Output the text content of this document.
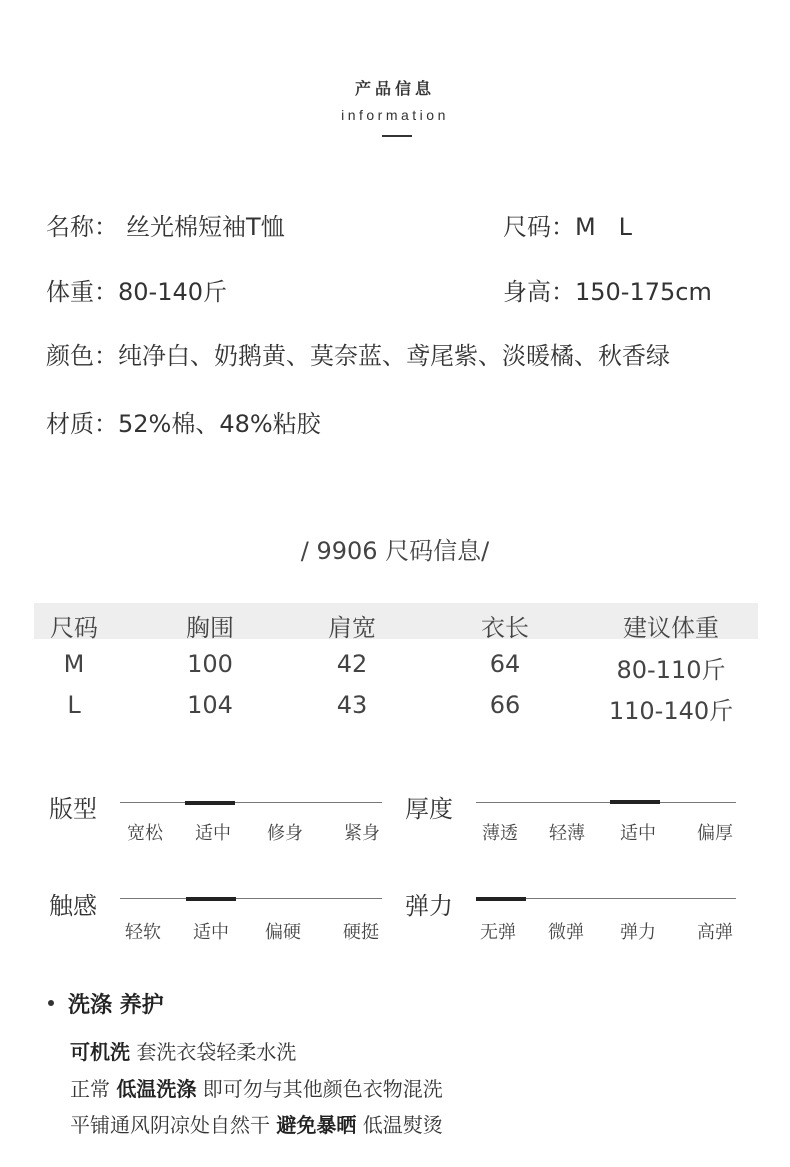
产品信息
information
名称： 丝光棉短袖T恤	尺码：M   L
体重：80-140斤	身高：150-175cm
颜色：纯净白、奶鹅黄、莫奈蓝、鸢尾紫、淡暖橘、秋香绿
材质：52%棉、48%粘胶
/ 9906 尺码信息/
尺码	胸围	肩宽	衣长	建议体重
M	100	42	64	80-110斤
L	104	43	66	110-140斤
版型
宽松 适中 修身 紧身
厚度
薄透 轻薄 适中 偏厚
触感
轻软 适中 偏硬 硬挺
弹力
无弹 微弹 弹力 高弹
洗涤 养护
可机洗 套洗衣袋轻柔水洗
正常 低温洗涤 即可勿与其他颜色衣物混洗
平铺通风阴凉处自然干 避免暴晒 低温熨烫
